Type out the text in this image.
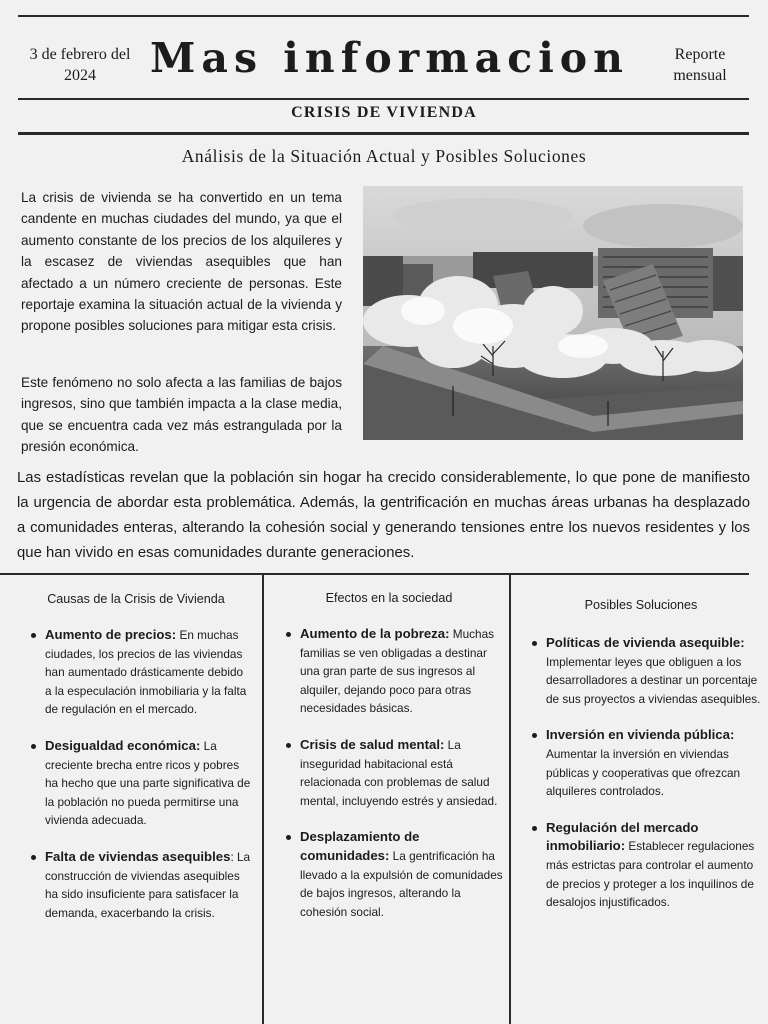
3 de febrero del 2024	Mas informacion	Reporte mensual
CRISIS DE VIVIENDA
Análisis de la Situación Actual y Posibles Soluciones

La crisis de vivienda se ha convertido en un tema candente en muchas ciudades del mundo, ya que el aumento constante de los precios de los alquileres y la escasez de viviendas asequibles que han afectado a un número creciente de personas. Este reportaje examina la situación actual de la vivienda y propone posibles soluciones para mitigar esta crisis.

Este fenómeno no solo afecta a las familias de bajos ingresos, sino que también impacta a la clase media, que se encuentra cada vez más estrangulada por la presión económica.

Las estadísticas revelan que la población sin hogar ha crecido considerablemente, lo que pone de manifiesto la urgencia de abordar esta problemática. Además, la gentrificación en muchas áreas urbanas ha desplazado a comunidades enteras, alterando la cohesión social y generando tensiones entre los nuevos residentes y los que han vivido en esas comunidades durante generaciones.

Causas de la Crisis de Vivienda
Aumento de precios: En muchas ciudades, los precios de las viviendas han aumentado drásticamente debido a la especulación inmobiliaria y la falta de regulación en el mercado.
Desigualdad económica: La creciente brecha entre ricos y pobres ha hecho que una parte significativa de la población no pueda permitirse una vivienda adecuada.
Falta de viviendas asequibles: La construcción de viviendas asequibles ha sido insuficiente para satisfacer la demanda, exacerbando la crisis.
Efectos en la sociedad
Aumento de la pobreza: Muchas familias se ven obligadas a destinar una gran parte de sus ingresos al alquiler, dejando poco para otras necesidades básicas.
Crisis de salud mental: La inseguridad habitacional está relacionada con problemas de salud mental, incluyendo estrés y ansiedad.
Desplazamiento de comunidades: La gentrificación ha llevado a la expulsión de comunidades de bajos ingresos, alterando la cohesión social.
Posibles Soluciones
Políticas de vivienda asequible: Implementar leyes que obliguen a los desarrolladores a destinar un porcentaje de sus proyectos a viviendas asequibles.
Inversión en vivienda pública: Aumentar la inversión en viviendas públicas y cooperativas que ofrezcan alquileres controlados.
Regulación del mercado inmobiliario: Establecer regulaciones más estrictas para controlar el aumento de precios y proteger a los inquilinos de desalojos injustificados.
